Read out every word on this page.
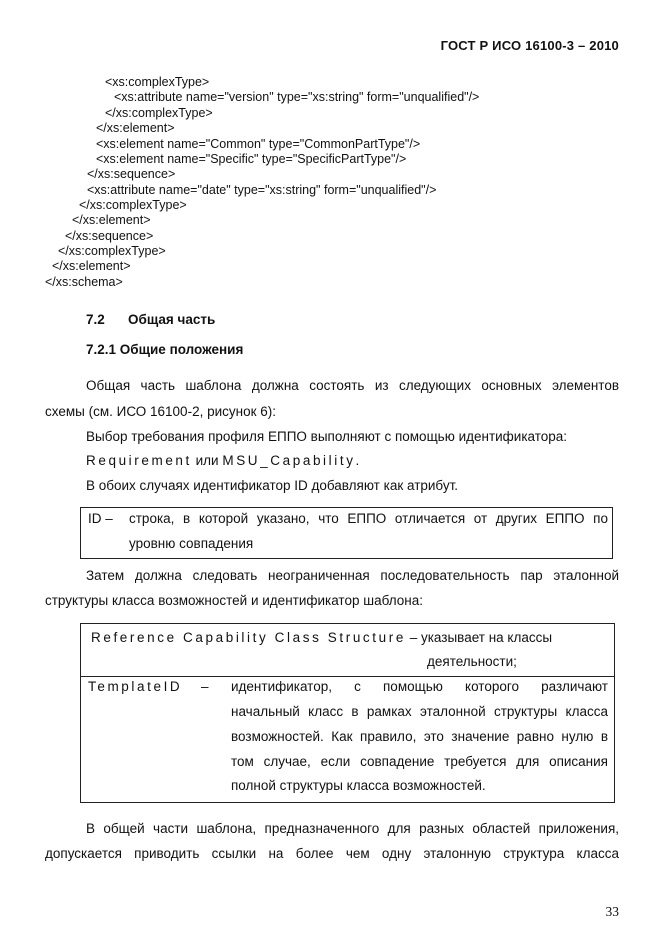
ГОСТ Р ИСО 16100-3 – 2010
<xs:complexType>
<xs:attribute name="version" type="xs:string" form="unqualified"/>
</xs:complexType>
</xs:element>
<xs:element name="Common" type="CommonPartType"/>
<xs:element name="Specific" type="SpecificPartType"/>
</xs:sequence>
<xs:attribute name="date" type="xs:string" form="unqualified"/>
</xs:complexType>
</xs:element>
</xs:sequence>
</xs:complexType>
</xs:element>
</xs:schema>
7.2 Общая часть
7.2.1 Общие положения
Общая часть шаблона должна состоять из следующих основных элементов
схемы (см. ИСО 16100-2, рисунок 6):
Выбор требования профиля ЕППО выполняют с помощью идентификатора:
Requirement или MSU_Capability.
В обоих случаях идентификатор ID добавляют как атрибут.
ID – строка, в которой указано, что ЕППО отличается от других ЕППО по
уровню совпадения
Затем должна следовать неограниченная последовательность пар эталонной
структуры класса возможностей и идентификатор шаблона:
Reference Capability Class Structure – указывает на классы
деятельности;
TemplateID – идентификатор, с помощью которого различают
начальный класс в рамках эталонной структуры класса
возможностей. Как правило, это значение равно нулю в
том случае, если совпадение требуется для описания
полной структуры класса возможностей.
В общей части шаблона, предназначенного для разных областей приложения,
допускается приводить ссылки на более чем одну эталонную структура класса
33
